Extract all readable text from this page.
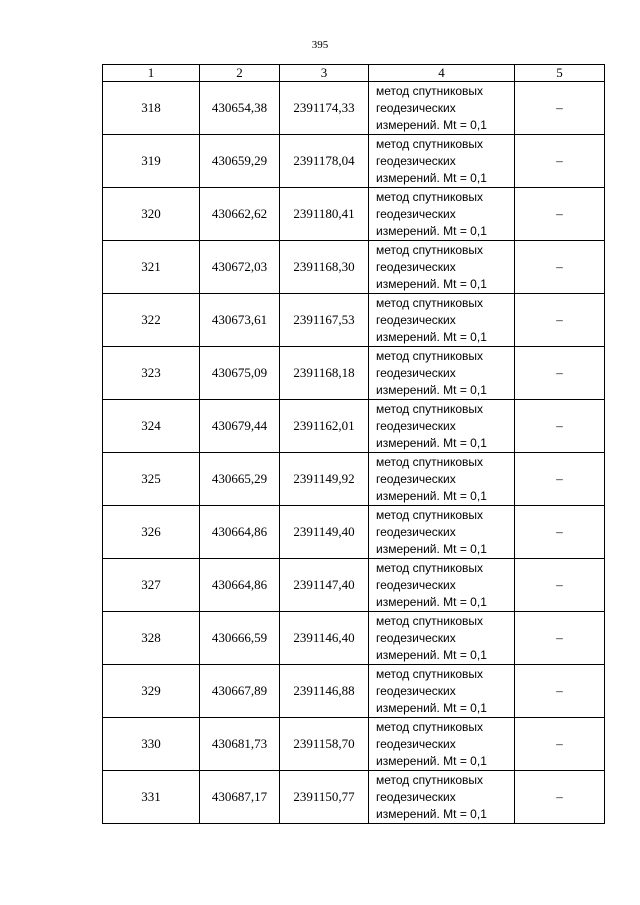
395
1	2	3	4	5
318	430654,38	2391174,33	метод спутниковых
геодезических
измерений. Mt = 0,1	–
319	430659,29	2391178,04	метод спутниковых
геодезических
измерений. Mt = 0,1	–
320	430662,62	2391180,41	метод спутниковых
геодезических
измерений. Mt = 0,1	–
321	430672,03	2391168,30	метод спутниковых
геодезических
измерений. Mt = 0,1	–
322	430673,61	2391167,53	метод спутниковых
геодезических
измерений. Mt = 0,1	–
323	430675,09	2391168,18	метод спутниковых
геодезических
измерений. Mt = 0,1	–
324	430679,44	2391162,01	метод спутниковых
геодезических
измерений. Mt = 0,1	–
325	430665,29	2391149,92	метод спутниковых
геодезических
измерений. Mt = 0,1	–
326	430664,86	2391149,40	метод спутниковых
геодезических
измерений. Mt = 0,1	–
327	430664,86	2391147,40	метод спутниковых
геодезических
измерений. Mt = 0,1	–
328	430666,59	2391146,40	метод спутниковых
геодезических
измерений. Mt = 0,1	–
329	430667,89	2391146,88	метод спутниковых
геодезических
измерений. Mt = 0,1	–
330	430681,73	2391158,70	метод спутниковых
геодезических
измерений. Mt = 0,1	–
331	430687,17	2391150,77	метод спутниковых
геодезических
измерений. Mt = 0,1	–
